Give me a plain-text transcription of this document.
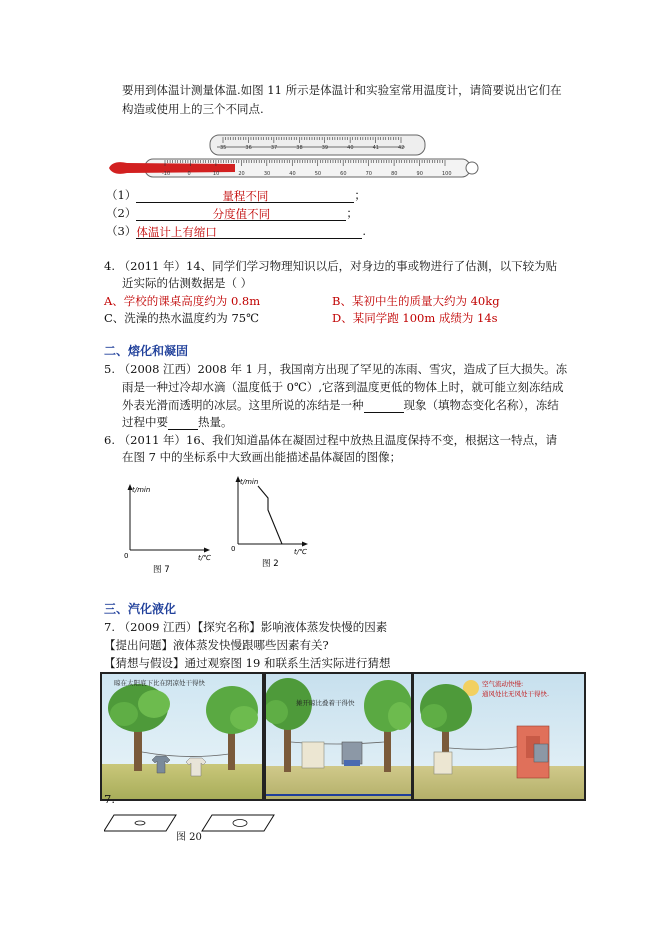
要用到体温计测量体温.如图 11 所示是体温计和实验室常用温度计，请简要说出它们在
构造或使用上的三个不同点.
35	36	37	38	39	40	41	42
-10	0	10	20	30	40	50	60	70	80	90	100
（1）	量程不同	；
（2）	分度值不同	；
（3）体温计上有缩口	.
4. （2011 年）14、同学们学习物理知识以后，对身边的事或物进行了估测，以下较为贴
近实际的估测数据是（ ）
A、学校的课桌高度约为 0.8m	B、某初中生的质量大约为 40kg
C、洗澡的热水温度约为 75℃	D、某同学跑 100m 成绩为 14s
二、熔化和凝固
5. （2008 江西）2008 年 1 月，我国南方出现了罕见的冻雨、雪灾，造成了巨大损失。冻
雨是一种过冷却水滴（温度低于 0℃）,它落到温度更低的物体上时，就可能立刻冻结成
外表光滑而透明的冰层。这里所说的冻结是一种	现象（填物态变化名称），冻结
过程中要	热量。
6. （2011 年）16、我们知道晶体在凝固过程中放热且温度保持不变，根据这一特点，请
在图 7 中的坐标系中大致画出能描述晶体凝固的图像；
t/min
t/℃
0
图 7
t/min
t/℃
0
图 2
三、汽化液化
7. （2009 江西）【探究名称】影响液体蒸发快慢的因素
【提出问题】液体蒸发快慢跟哪些因素有关?
【猜想与假设】通过观察图 19 和联系生活实际进行猜想
晾在太阳底下比在阴凉处干得快
摊开晾比叠着干得快
空气流动快慢:
通风处比无风处干得快.
7.
图 20
